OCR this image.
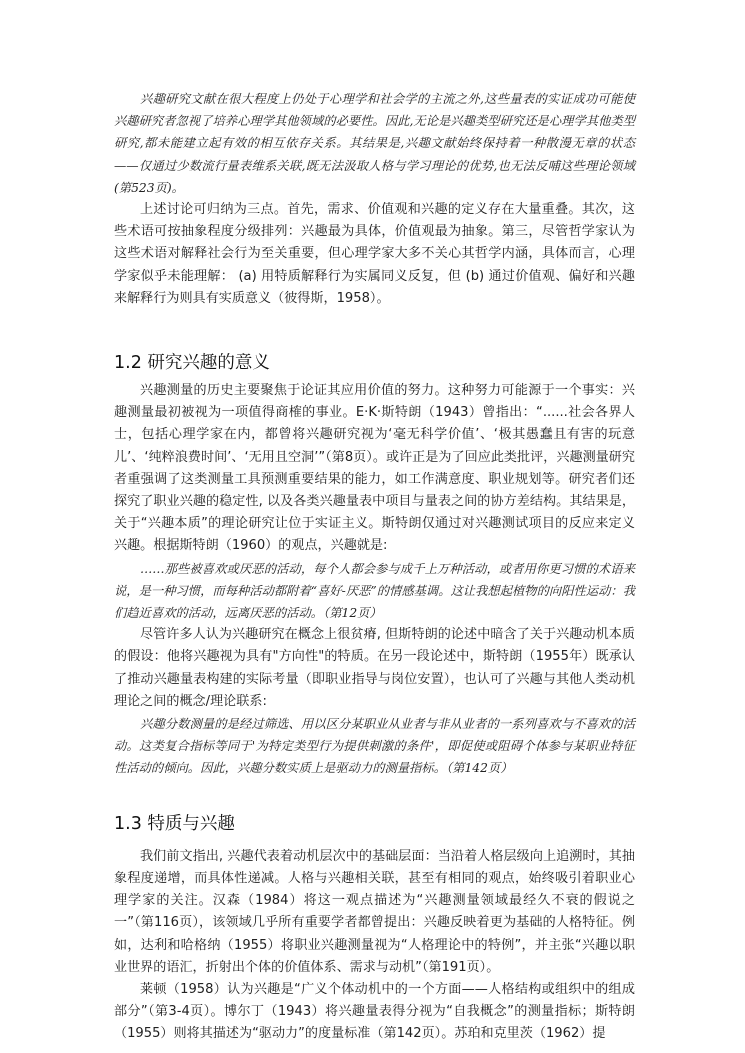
兴趣研究文献在很大程度上仍处于心理学和社会学的主流之外,这些量表的实证成功可能使兴趣研究者忽视了培养心理学其他领域的必要性。因此,无论是兴趣类型研究还是心理学其他类型研究,都未能建立起有效的相互依存关系。其结果是,兴趣文献始终保持着一种散漫无章的状态——仅通过少数流行量表维系关联,既无法汲取人格与学习理论的优势,也无法反哺这些理论领域(第523页)。

上述讨论可归纳为三点。首先，需求、价值观和兴趣的定义存在大量重叠。其次，这些术语可按抽象程度分级排列：兴趣最为具体，价值观最为抽象。第三，尽管哲学家认为这些术语对解释社会行为至关重要，但心理学家大多不关心其哲学内涵，具体而言，心理学家似乎未能理解： (a) 用特质解释行为实属同义反复，但 (b) 通过价值观、偏好和兴趣来解释行为则具有实质意义（彼得斯，1958）。

1.2 研究兴趣的意义

兴趣测量的历史主要聚焦于论证其应用价值的努力。这种努力可能源于一个事实：兴趣测量最初被视为一项值得商榷的事业。E·K·斯特朗（1943）曾指出：“......社会各界人士，包括心理学家在内，都曾将兴趣研究视为‘毫无科学价值’、‘极其愚蠢且有害的玩意儿’、‘纯粹浪费时间’、‘无用且空洞’”（第8页）。或许正是为了回应此类批评，兴趣测量研究者重强调了这类测量工具预测重要结果的能力，如工作满意度、职业规划等。研究者们还探究了职业兴趣的稳定性, 以及各类兴趣量表中项目与量表之间的协方差结构。其结果是，关于“兴趣本质”的理论研究让位于实证主义。斯特朗仅通过对兴趣测试项目的反应来定义兴趣。根据斯特朗（1960）的观点，兴趣就是:

……那些被喜欢或厌恶的活动，每个人都会参与成千上万种活动，或者用你更习惯的术语来说，是一种习惯，而每种活动都附着“喜好-厌恶”的情感基调。这让我想起植物的向阳性运动：我们趋近喜欢的活动，远离厌恶的活动。（第12页）

尽管许多人认为兴趣研究在概念上很贫瘠, 但斯特朗的论述中暗含了关于兴趣动机本质的假设：他将兴趣视为具有"方向性"的特质。在另一段论述中，斯特朗（1955年）既承认了推动兴趣量表构建的实际考量（即职业指导与岗位安置），也认可了兴趣与其他人类动机理论之间的概念/理论联系:

兴趣分数测量的是经过筛选、用以区分某职业从业者与非从业者的一系列喜欢与不喜欢的活动。这类复合指标等同于'为特定类型行为提供刺激的条件'，即促使或阻碍个体参与某职业特征性活动的倾向。因此，兴趣分数实质上是驱动力的测量指标。（第142页）

1.3 特质与兴趣

我们前文指出, 兴趣代表着动机层次中的基础层面：当沿着人格层级向上追溯时，其抽象程度递增，而具体性递减。人格与兴趣相关联，甚至有相同的观点，始终吸引着职业心理学家的关注。汉森（1984）将这一观点描述为“兴趣测量领域最经久不衰的假说之一”（第116页），该领域几乎所有重要学者都曾提出：兴趣反映着更为基础的人格特征。例如，达利和哈格纳（1955）将职业兴趣测量视为“人格理论中的特例”，并主张“兴趣以职业世界的语汇，折射出个体的价值体系、需求与动机”（第191页）。

莱顿（1958）认为兴趣是“广义个体动机中的一个方面——人格结构或组织中的组成部分”（第3-4页）。博尔丁（1943）将兴趣量表得分视为“自我概念”的测量指标；斯特朗（1955）则将其描述为“驱动力”的度量标准（第142页）。苏珀和克里茨（1962）提
